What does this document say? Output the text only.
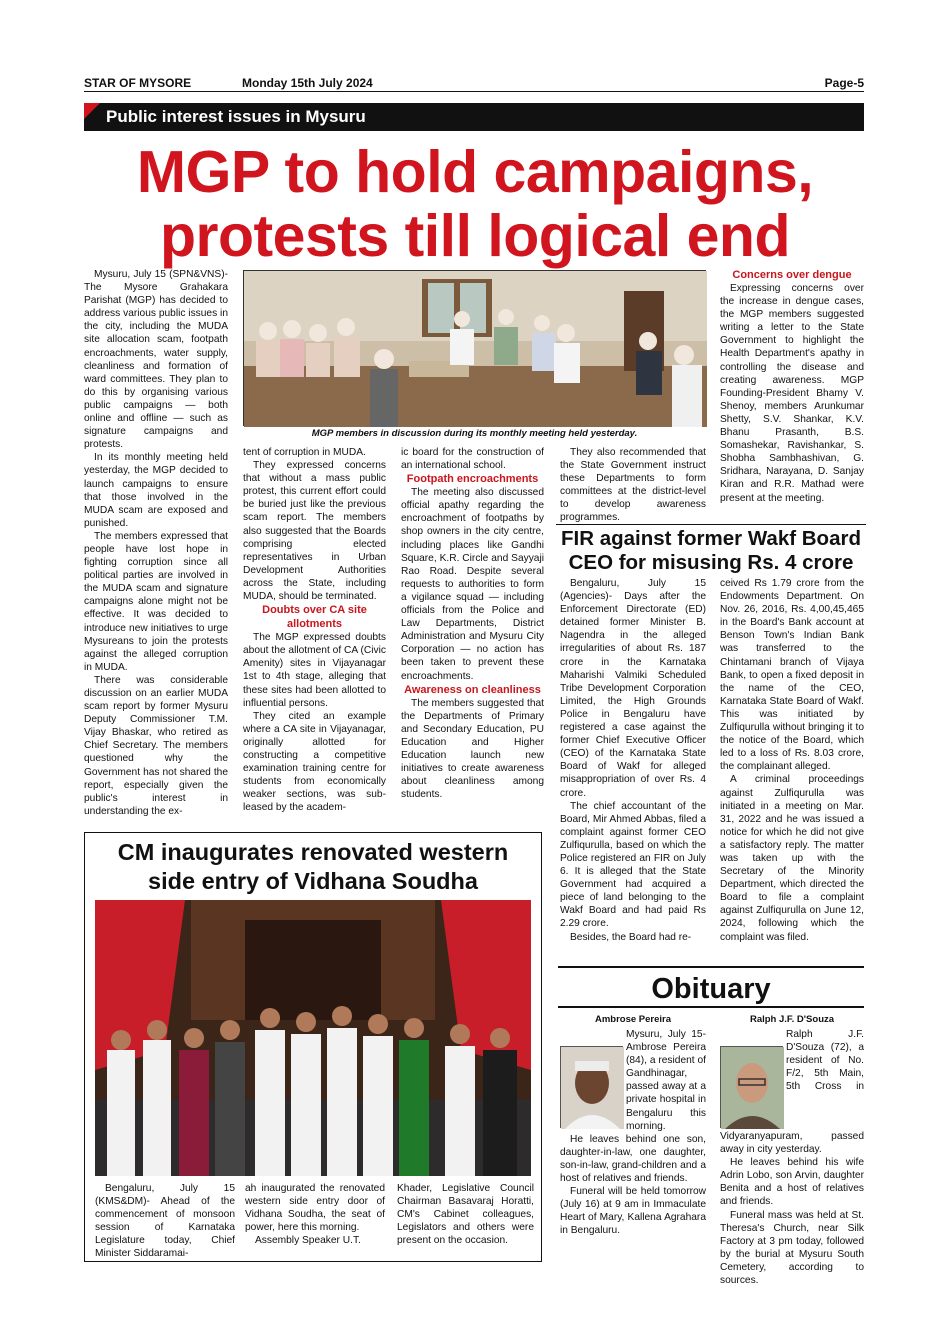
STAR OF MYSORE	Monday 15th July 2024	Page-5
Public interest issues in Mysuru
MGP to hold campaigns,
protests till logical end

Mysuru, July 15 (SPN&VNS)- The Mysore Grahakara Parishat (MGP) has decided to address various public issues in the city, including the MUDA site allocation scam, footpath encroachments, water supply, cleanliness and formation of ward committees. They plan to do this by organising various public campaigns — both online and offline — such as signature campaigns and protests.

In its monthly meeting held yesterday, the MGP decided to launch campaigns to ensure that those involved in the MUDA scam are exposed and punished.

The members expressed that people have lost hope in fighting corruption since all political parties are involved in the MUDA scam and signature campaigns alone might not be effective. It was decided to introduce new initiatives to urge Mysureans to join the protests against the alleged corruption in MUDA.

There was considerable discussion on an earlier MUDA scam report by former Mysuru Deputy Commissioner T.M. Vijay Bhaskar, who retired as Chief Secretary. The members questioned why the Government has not shared the report, especially given the public's interest in understanding the ex-

MGP members in discussion during its monthly meeting held yesterday.

tent of corruption in MUDA.

They expressed concerns that without a mass public protest, this current effort could be buried just like the previous scam report. The members also suggested that the Boards comprising elected representatives in Urban Development Authorities across the State, including MUDA, should be terminated.

Doubts over CA site allotments

The MGP expressed doubts about the allotment of CA (Civic Amenity) sites in Vijayanagar 1st to 4th stage, alleging that these sites had been allotted to influential persons.

They cited an example where a CA site in Vijayanagar, originally allotted for constructing a competitive examination training centre for students from economically weaker sections, was sub-leased by the academ-

ic board for the construction of an international school.

Footpath encroachments

The meeting also discussed official apathy regarding the encroachment of footpaths by shop owners in the city centre, including places like Gandhi Square, K.R. Circle and Sayyaji Rao Road. Despite several requests to authorities to form a vigilance squad — including officials from the Police and Law Departments, District Administration and Mysuru City Corporation — no action has been taken to prevent these encroachments.

Awareness on cleanliness

The members suggested that the Departments of Primary and Secondary Education, PU Education and Higher Education launch new initiatives to create awareness about cleanliness among students.

They also recommended that the State Government instruct these Departments to form committees at the district-level to develop awareness programmes.

Concerns over dengue

Expressing concerns over the increase in dengue cases, the MGP members suggested writing a letter to the State Government to highlight the Health Department's apathy in controlling the disease and creating awareness. MGP Founding-President Bhamy V. Shenoy, members Arunkumar Shetty, S.V. Shankar, K.V. Bhanu Prasanth, B.S. Somashekar, Ravishankar, S. Shobha Sambhashivan, G. Sridhara, Narayana, D. Sanjay Kiran and R.R. Mathad were present at the meeting.

FIR against former Wakf Board
CEO for misusing Rs. 4 crore

Bengaluru, July 15 (Agencies)- Days after the Enforcement Directorate (ED) detained former Minister B. Nagendra in the alleged irregularities of about Rs. 187 crore in the Karnataka Maharishi Valmiki Scheduled Tribe Development Corporation Limited, the High Grounds Police in Bengaluru have registered a case against the former Chief Executive Officer (CEO) of the Karnataka State Board of Wakf for alleged misappropriation of over Rs. 4 crore.

The chief accountant of the Board, Mir Ahmed Abbas, filed a complaint against former CEO Zulfiqurulla, based on which the Police registered an FIR on July 6. It is alleged that the State Government had acquired a piece of land belonging to the Wakf Board and had paid Rs 2.29 crore.

Besides, the Board had re-

ceived Rs 1.79 crore from the Endowments Department. On Nov. 26, 2016, Rs. 4,00,45,465 in the Board's Bank account at Benson Town's Indian Bank was transferred to the Chintamani branch of Vijaya Bank, to open a fixed deposit in the name of the CEO, Karnataka State Board of Wakf. This was initiated by Zulfiqurulla without bringing it to the notice of the Board, which led to a loss of Rs. 8.03 crore, the complainant alleged.

A criminal proceedings against Zulfiqurulla was initiated in a meeting on Mar. 31, 2022 and he was issued a notice for which he did not give a satisfactory reply. The matter was taken up with the Secretary of the Minority Department, which directed the Board to file a complaint against Zulfiqurulla on June 12, 2024, following which the complaint was filed.

CM inaugurates renovated western
side entry of Vidhana Soudha

Bengaluru, July 15 (KMS&DM)- Ahead of the commencement of monsoon session of Karnataka Legislature today, Chief Minister Siddaramai-

ah inaugurated the renovated western side entry door of Vidhana Soudha, the seat of power, here this morning.

Assembly Speaker U.T.

Khader, Legislative Council Chairman Basavaraj Horatti, CM's Cabinet colleagues, Legislators and others were present on the occasion.

Obituary
Ambrose Pereira

Mysuru, July 15- Ambrose Pereira (84), a resident of Gandhinagar, passed away at a private hospital in Bengaluru this morning.

He leaves behind one son, daughter-in-law, one daughter, son-in-law, grand-children and a host of relatives and friends.

Funeral will be held tomorrow (July 16) at 9 am in Immaculate Heart of Mary, Kallena Agrahara in Bengaluru.

Ralph J.F. D'Souza

Ralph J.F. D'Souza (72), a resident of No. F/2, 5th Main, 5th Cross in Vidyaranyapuram, passed away in city yesterday.

He leaves behind his wife Adrin Lobo, son Arvin, daughter Benita and a host of relatives and friends.

Funeral mass was held at St. Theresa's Church, near Silk Factory at 3 pm today, followed by the burial at Mysuru South Cemetery, according to sources.
